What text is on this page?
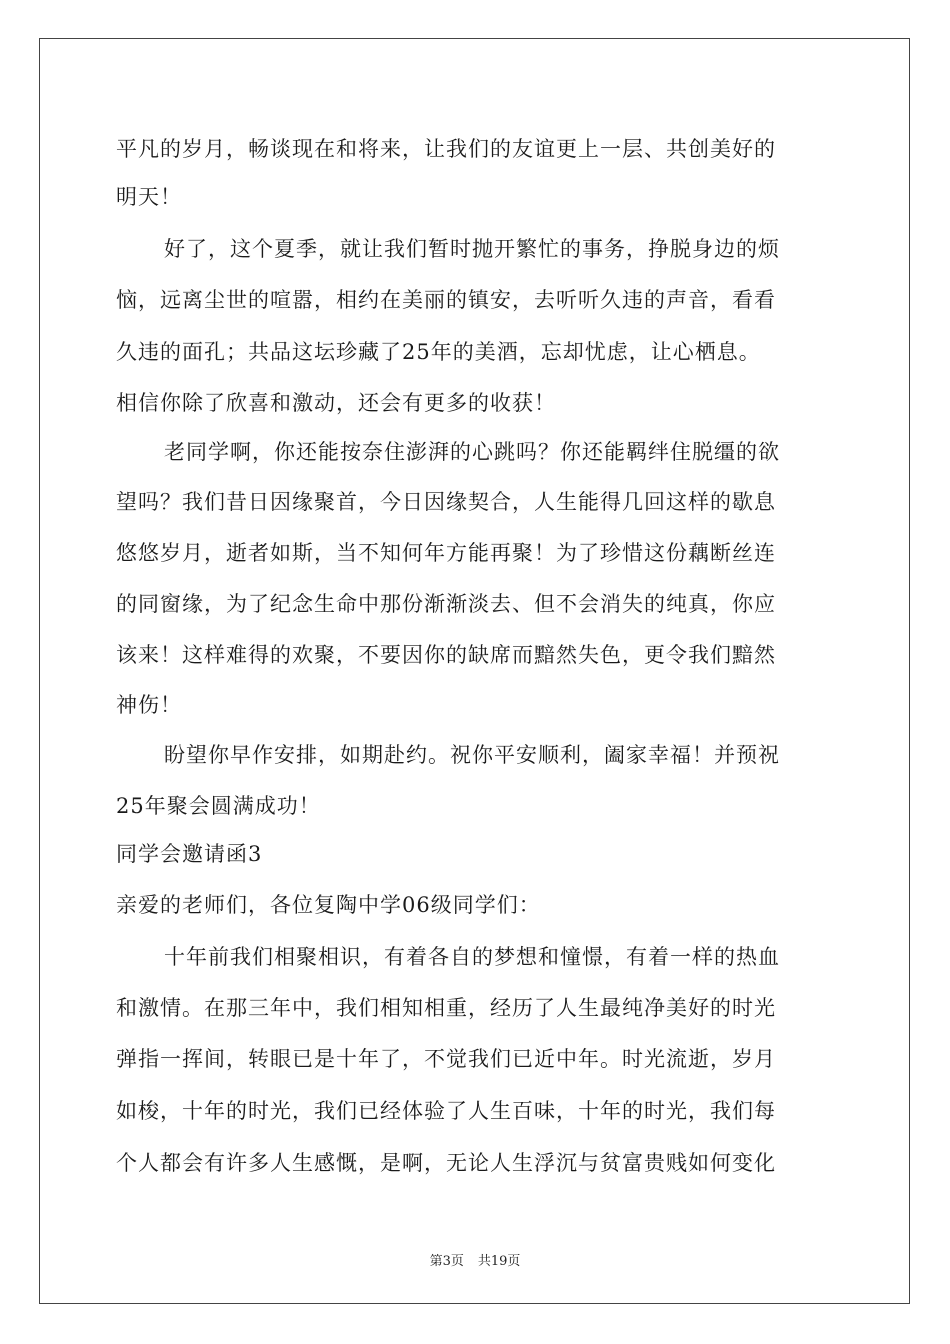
平凡的岁月，畅谈现在和将来，让我们的友谊更上一层、共创美好的
明天！
好了，这个夏季，就让我们暂时抛开繁忙的事务，挣脱身边的烦
恼，远离尘世的喧嚣，相约在美丽的镇安，去听听久违的声音，看看
久违的面孔；共品这坛珍藏了25年的美酒，忘却忧虑，让心栖息。
相信你除了欣喜和激动，还会有更多的收获！
老同学啊，你还能按奈住澎湃的心跳吗？你还能羁绊住脱缰的欲
望吗？我们昔日因缘聚首，今日因缘契合，人生能得几回这样的歇息
悠悠岁月，逝者如斯，当不知何年方能再聚！为了珍惜这份藕断丝连
的同窗缘，为了纪念生命中那份渐渐淡去、但不会消失的纯真，你应
该来！这样难得的欢聚，不要因你的缺席而黯然失色，更令我们黯然
神伤！
盼望你早作安排，如期赴约。祝你平安顺利，阖家幸福！并预祝
25年聚会圆满成功！
同学会邀请函3
亲爱的老师们，各位复陶中学06级同学们：
十年前我们相聚相识，有着各自的梦想和憧憬，有着一样的热血
和激情。在那三年中，我们相知相重，经历了人生最纯净美好的时光
弹指一挥间，转眼已是十年了，不觉我们已近中年。时光流逝，岁月
如梭，十年的时光，我们已经体验了人生百味，十年的时光，我们每
个人都会有许多人生感慨，是啊，无论人生浮沉与贫富贵贱如何变化
第3页 共19页
